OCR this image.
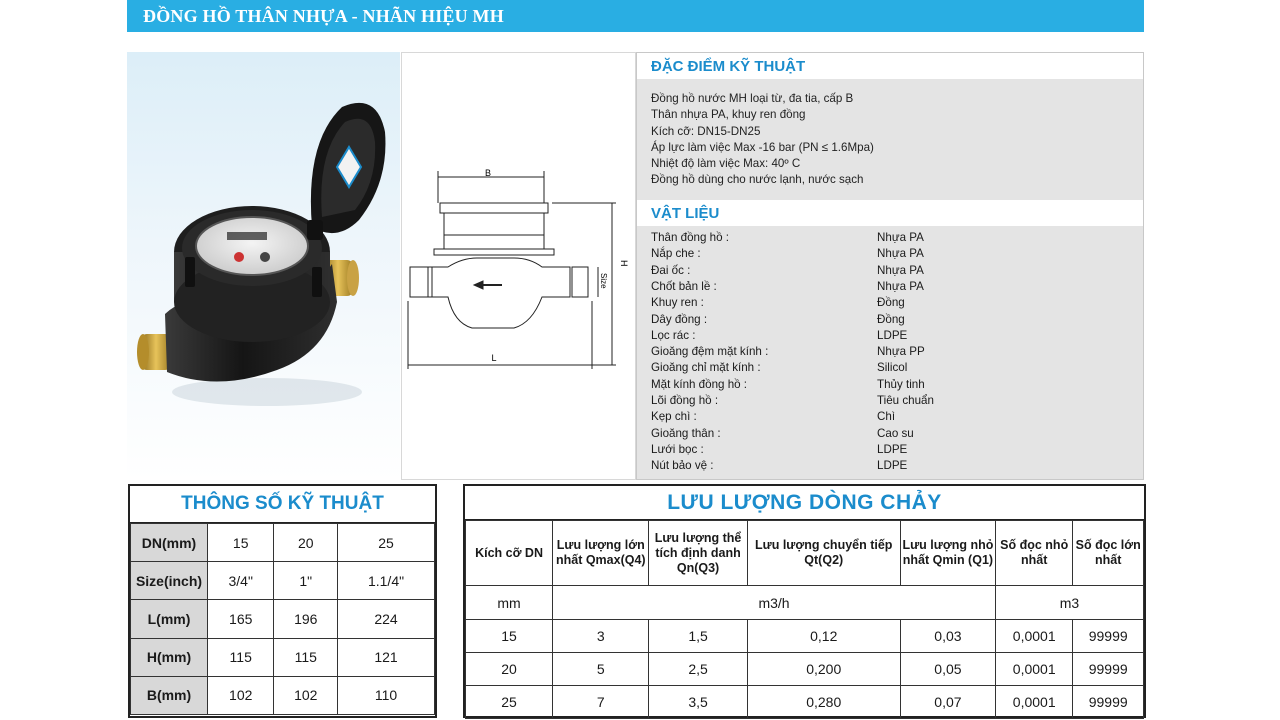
ĐỒNG HỒ THÂN NHỰA - NHÃN HIỆU MH
B
H
Size
L
ĐẶC ĐIỂM KỸ THUẬT
Đồng hồ nước MH loại từ, đa tia, cấp B
Thân nhựa PA, khuy ren đồng
Kích cỡ: DN15-DN25
Áp lực làm việc Max -16 bar (PN ≤ 1.6Mpa)
Nhiệt độ làm việc Max: 40º C
Đồng hồ dùng cho nước lạnh, nước sạch
VẬT LIỆU
Thân đồng hồ :	Nhựa PA
Nắp che :	Nhựa PA
Đai ốc :	Nhựa PA
Chốt bản lề :	Nhựa PA
Khuy ren :	Đồng
Dây đồng :	Đồng
Lọc rác :	LDPE
Gioăng đệm mặt kính :	Nhựa PP
Gioăng chỉ mặt kính :	Silicol
Mặt kính đồng hồ :	Thủy tinh
Lõi đồng hồ :	Tiêu chuẩn
Kẹp chì :	Chì
Gioăng thân :	Cao su
Lưới bọc :	LDPE
Nút bảo vệ :	LDPE
THÔNG SỐ KỸ THUẬT
DN(mm)	15	20	25
Size(inch)	3/4"	1"	1.1/4"
L(mm)	165	196	224
H(mm)	115	115	121
B(mm)	102	102	110
LƯU LƯỢNG DÒNG CHẢY
Kích cỡ DN	Lưu lượng lớn nhất Qmax(Q4)	Lưu lượng thể tích định danh Qn(Q3)	Lưu lượng chuyển tiếp Qt(Q2)	Lưu lượng nhỏ nhất Qmin (Q1)	Số đọc nhỏ nhất	Số đọc lớn nhất
mm	m3/h				m3	
15	3	1,5	0,12	0,03	0,0001	99999
20	5	2,5	0,200	0,05	0,0001	99999
25	7	3,5	0,280	0,07	0,0001	99999
